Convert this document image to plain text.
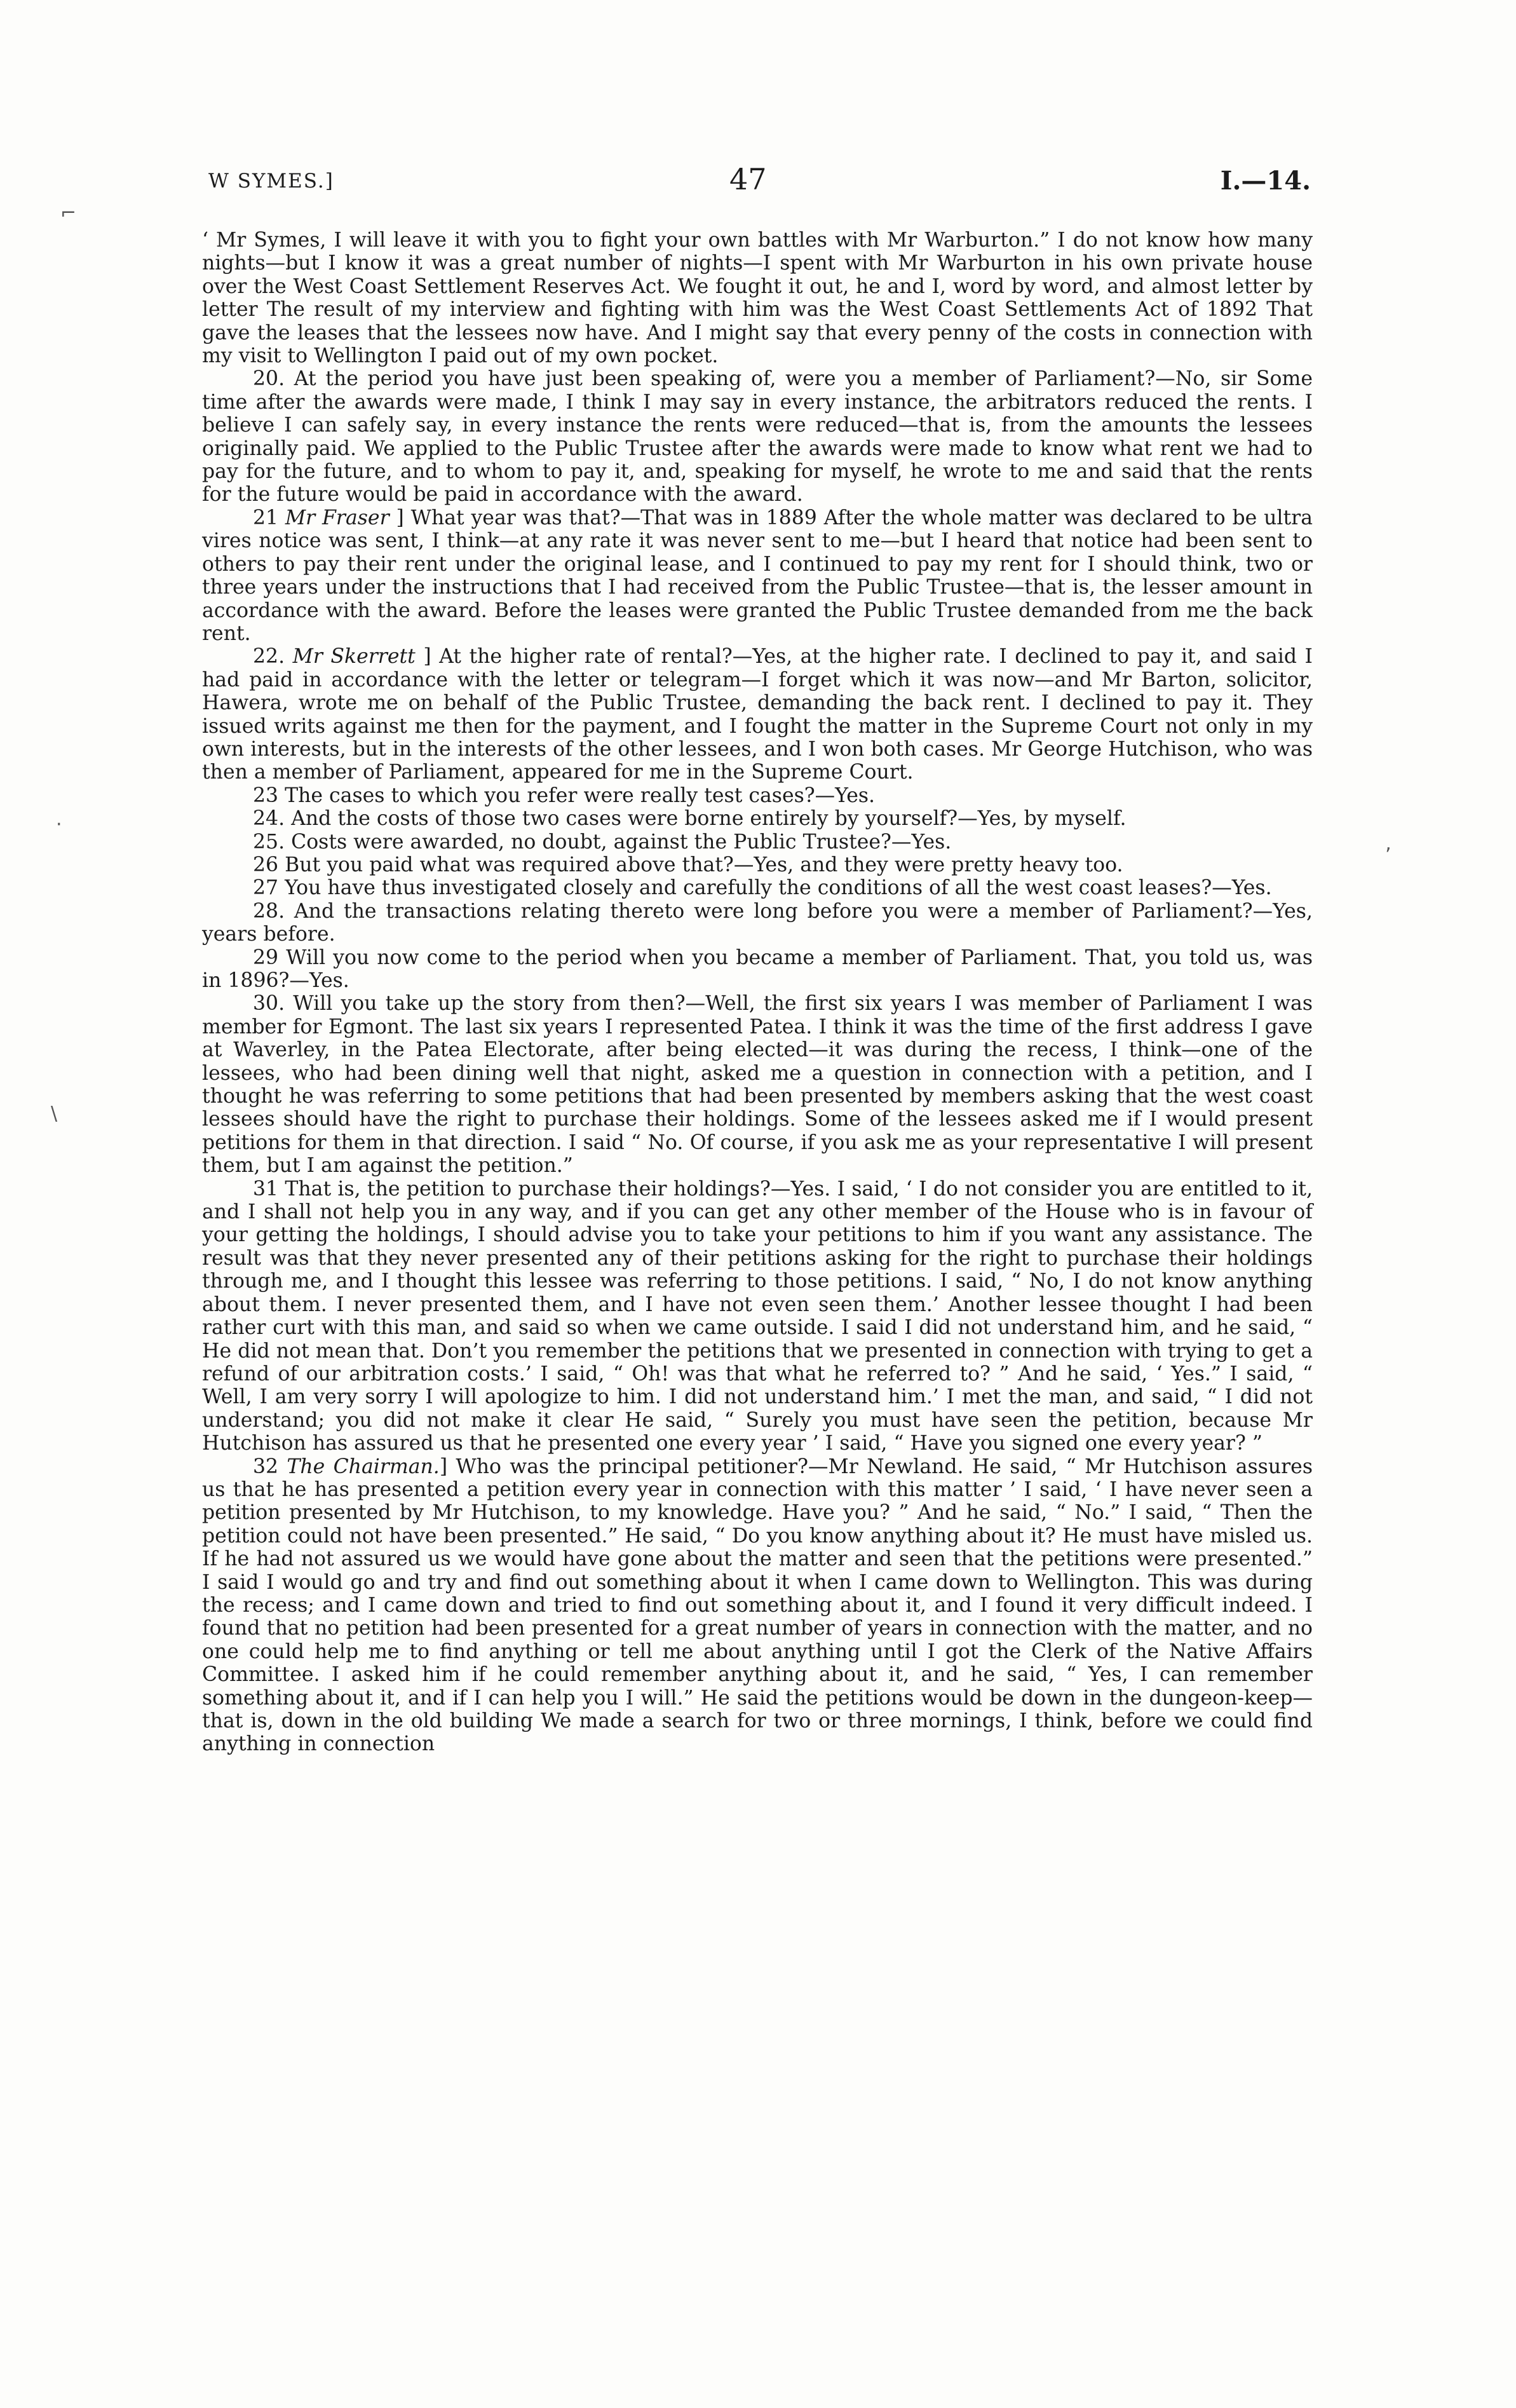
W SYMES.]	47	I.—14.
⌐
·
\
‚

‘ Mr Symes, I will leave it with you to fight your own battles with Mr Warburton.” I do not know how many nights—but I know it was a great number of nights—I spent with Mr Warburton in his own private house over the West Coast Settlement Reserves Act. We fought it out, he and I, word by word, and almost letter by letter The result of my interview and fighting with him was the West Coast Settlements Act of 1892 That gave the leases that the lessees now have. And I might say that every penny of the costs in connection with my visit to Wellington I paid out of my own pocket.

20. At the period you have just been speaking of, were you a member of Parliament?—No, sir Some time after the awards were made, I think I may say in every instance, the arbitrators reduced the rents. I believe I can safely say, in every instance the rents were reduced—that is, from the amounts the lessees originally paid. We applied to the Public Trustee after the awards were made to know what rent we had to pay for the future, and to whom to pay it, and, speaking for myself, he wrote to me and said that the rents for the future would be paid in accordance with the award.

21 Mr Fraser ] What year was that?—That was in 1889 After the whole matter was declared to be ultra vires notice was sent, I think—at any rate it was never sent to me—but I heard that notice had been sent to others to pay their rent under the original lease, and I continued to pay my rent for I should think, two or three years under the instructions that I had received from the Public Trustee—that is, the lesser amount in accordance with the award. Before the leases were granted the Public Trustee demanded from me the back rent.

22. Mr Skerrett ] At the higher rate of rental?—Yes, at the higher rate. I declined to pay it, and said I had paid in accordance with the letter or telegram—I forget which it was now—and Mr Barton, solicitor, Hawera, wrote me on behalf of the Public Trustee, demanding the back rent. I declined to pay it. They issued writs against me then for the payment, and I fought the matter in the Supreme Court not only in my own interests, but in the interests of the other lessees, and I won both cases. Mr George Hutchison, who was then a member of Parliament, appeared for me in the Supreme Court.

23 The cases to which you refer were really test cases?—Yes.

24. And the costs of those two cases were borne entirely by yourself?—Yes, by myself.

25. Costs were awarded, no doubt, against the Public Trustee?—Yes.

26 But you paid what was required above that?—Yes, and they were pretty heavy too.

27 You have thus investigated closely and carefully the conditions of all the west coast leases?—Yes.

28. And the transactions relating thereto were long before you were a member of Parliament?—Yes, years before.

29 Will you now come to the period when you became a member of Parliament. That, you told us, was in 1896?—Yes.

30. Will you take up the story from then?—Well, the first six years I was member of Parliament I was member for Egmont. The last six years I represented Patea. I think it was the time of the first address I gave at Waverley, in the Patea Electorate, after being elected—it was during the recess, I think—one of the lessees, who had been dining well that night, asked me a question in connection with a petition, and I thought he was referring to some petitions that had been presented by members asking that the west coast lessees should have the right to purchase their holdings. Some of the lessees asked me if I would present petitions for them in that direction. I said “ No. Of course, if you ask me as your representative I will present them, but I am against the petition.”

31 That is, the petition to purchase their holdings?—Yes. I said, ‘ I do not consider you are entitled to it, and I shall not help you in any way, and if you can get any other member of the House who is in favour of your getting the holdings, I should advise you to take your petitions to him if you want any assistance. The result was that they never presented any of their petitions asking for the right to purchase their holdings through me, and I thought this lessee was referring to those petitions. I said, “ No, I do not know anything about them. I never presented them, and I have not even seen them.’ Another lessee thought I had been rather curt with this man, and said so when we came outside. I said I did not understand him, and he said, “ He did not mean that. Don’t you remember the petitions that we presented in connection with trying to get a refund of our arbitration costs.’ I said, “ Oh! was that what he referred to? ” And he said, ‘ Yes.” I said, “ Well, I am very sorry I will apologize to him. I did not understand him.’ I met the man, and said, “ I did not understand; you did not make it clear He said, “ Surely you must have seen the petition, because Mr Hutchison has assured us that he presented one every year ’ I said, “ Have you signed one every year? ”

32 The Chairman.] Who was the principal petitioner?—Mr Newland. He said, “ Mr Hutchison assures us that he has presented a petition every year in connection with this matter ’ I said, ‘ I have never seen a petition presented by Mr Hutchison, to my knowledge. Have you? ” And he said, “ No.” I said, “ Then the petition could not have been presented.” He said, “ Do you know anything about it? He must have misled us. If he had not assured us we would have gone about the matter and seen that the petitions were presented.” I said I would go and try and find out something about it when I came down to Wellington. This was during the recess; and I came down and tried to find out something about it, and I found it very difficult indeed. I found that no petition had been presented for a great number of years in connection with the matter, and no one could help me to find anything or tell me about anything until I got the Clerk of the Native Affairs Committee. I asked him if he could remember anything about it, and he said, “ Yes, I can remember something about it, and if I can help you I will.” He said the petitions would be down in the dungeon-keep—that is, down in the old building We made a search for two or three mornings, I think, before we could find anything in connection
